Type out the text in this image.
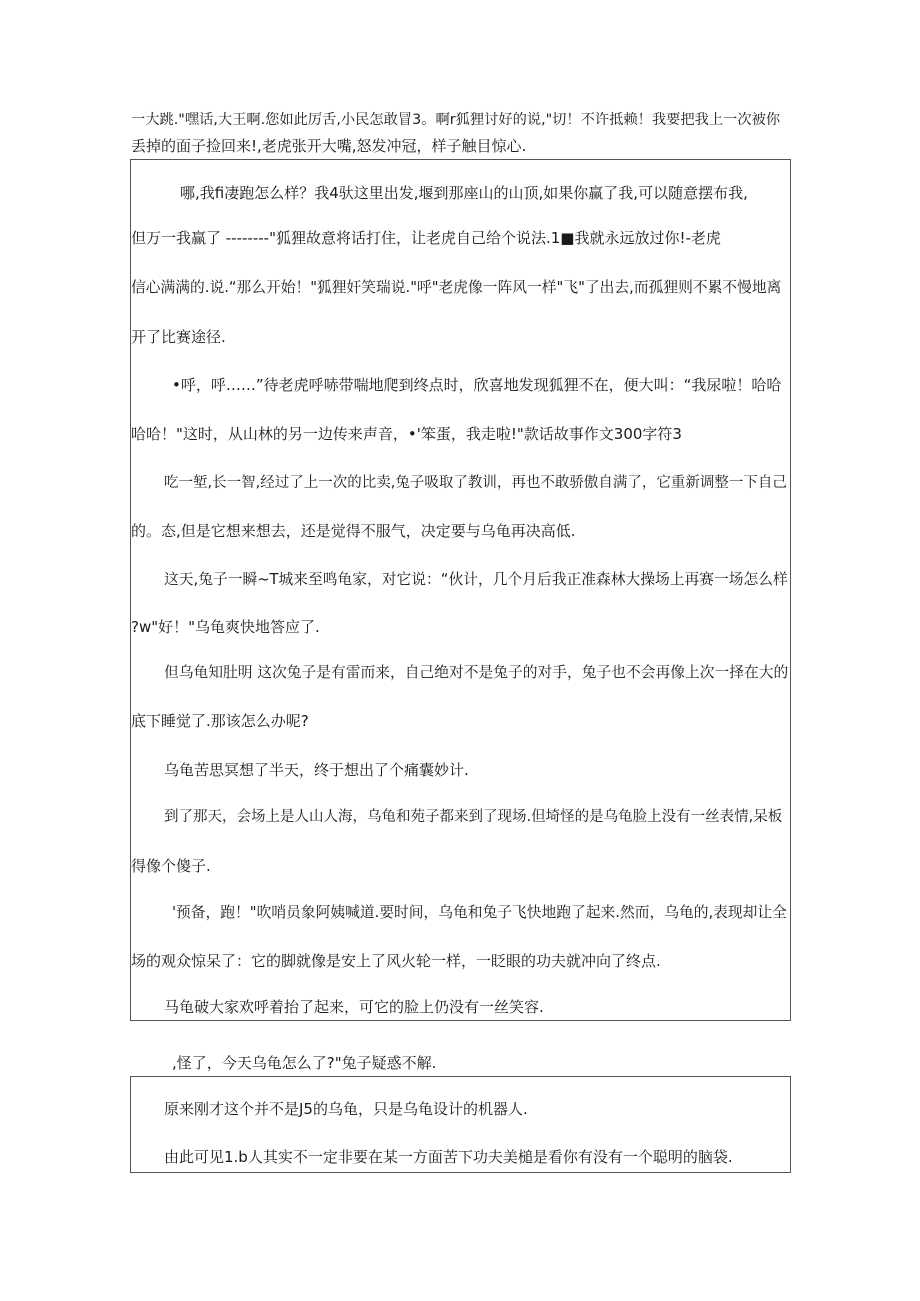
一大跳."嘿话,大王啊.您如此厉舌,小民怎敢冒3。啊r狐狸讨好的说,"切！不许抵赖！我要把我上一次被你
丢掉的面子捡回来!,老虎张开大嘴,怒发冲冠，样子触目惊心.
哪,我fi凄跑怎么样？我4驮这里出发,堰到那座山的山顶,如果你赢了我,可以随意摆布我,
但万一我赢了 --------"狐狸故意将话打住，让老虎自己给个说法.1■我就永远放过你!-老虎
信心满满的.说.“那么开始！"狐狸奸笑瑞说."呼"老虎像一阵风一样"飞"了出去,而孤狸则不累不慢地离
开了比赛途径.
•呼，呼……”待老虎呼哧带喘地爬到终点时，欣喜地发现狐狸不在，便大叫：“我尿啦！哈哈
哈哈！"这时，从山林的另一边传来声音，•'笨蛋，我走啦!"款话故事作文300字符3
吃一堑,长一智,经过了上一次的比卖,兔子吸取了教训，再也不敢骄傲自满了，它重新调整一下自己
的。态,但是它想来想去，还是觉得不服气，决定要与乌龟再决高低.
这天,兔子一瞬~T城来至鸣龟家，对它说：“伙计，几个月后我正准森林大操场上再赛一场怎么样
?w"好！"乌龟爽快地答应了.
但乌龟知肚明 这次兔子是有雷而来，自己绝对不是兔子的对手，兔子也不会再像上次一择在大的
底下睡觉了.那该怎么办呢?
乌龟苦思冥想了半天，终于想出了个痛囊妙计.
到了那天，会场上是人山人海，乌龟和苑子都来到了现场.但埼怪的是乌龟脸上没有一丝表情,呆板
得像个傻子.
'预备，跑！"吹哨员象阿姨喊道.要时间，乌龟和兔子飞快地跑了起来.然而，乌龟的,表现却让全
场的观众惊呆了：它的脚就像是安上了风火轮一样，一眨眼的功夫就冲向了终点.
马龟破大家欢呼着抬了起来，可它的脸上仍没有一丝笑容.
,怪了，今天乌龟怎么了?"兔子疑惑不解.
原来刚才这个并不是J5的乌龟，只是乌龟设计的机器人.
由此可见1.b人其实不一定非要在某一方面苦下功夫美槌是看你有没有一个聪明的脑袋.
